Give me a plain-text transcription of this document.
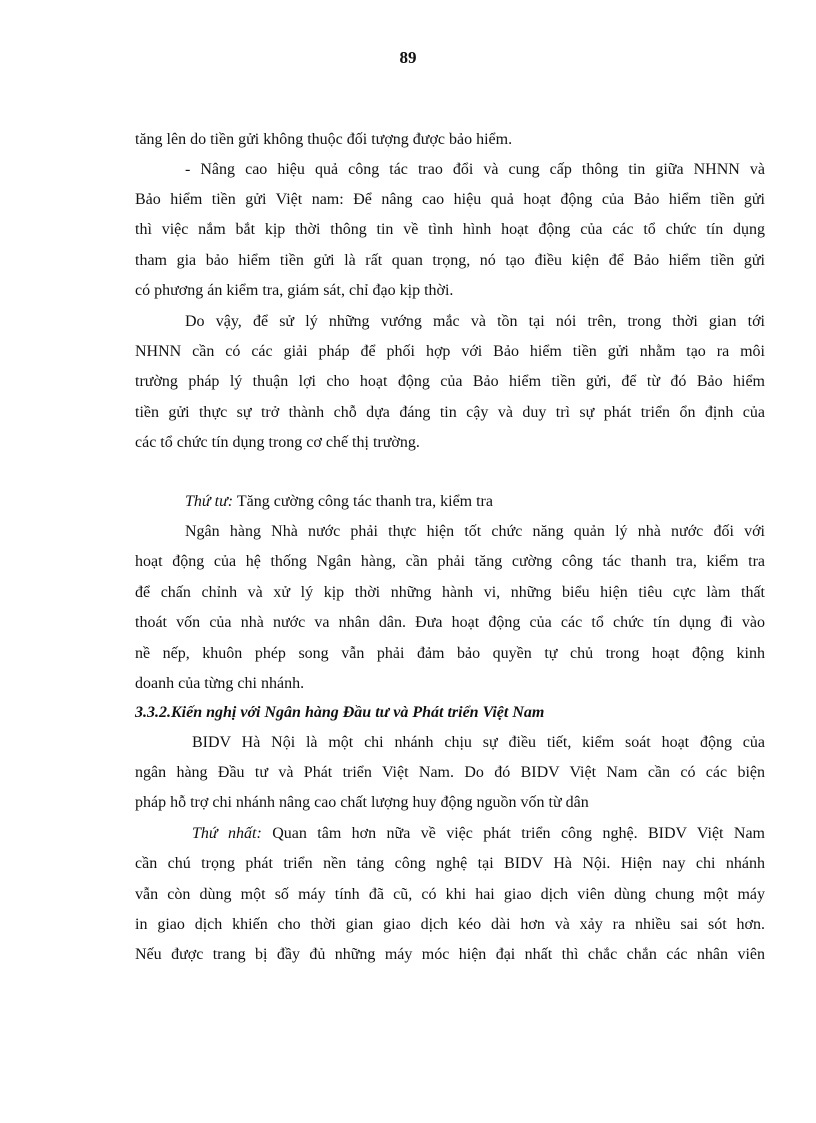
89
tăng lên do tiền gửi không thuộc đối tượng được bảo hiểm.
- Nâng cao hiệu quả công tác trao đổi và cung cấp thông tin giữa NHNN và
Bảo hiểm tiền gửi Việt nam: Để nâng cao hiệu quả hoạt động của Bảo hiểm tiền gửi
thì việc nắm bắt kịp thời thông tin về tình hình hoạt động của các tổ chức tín dụng
tham gia bảo hiểm tiền gửi là rất quan trọng, nó tạo điều kiện để Bảo hiểm tiền gửi
có phương án kiểm tra, giám sát, chỉ đạo kịp thời.
Do vậy, để sử lý những vướng mắc và tồn tại nói trên, trong thời gian tới
NHNN cần có các giải pháp để phối hợp với Bảo hiểm tiền gửi nhằm tạo ra môi
trường pháp lý thuận lợi cho hoạt động của Bảo hiểm tiền gửi, để từ đó Bảo hiểm
tiền gửi thực sự trở thành chỗ dựa đáng tin cậy và duy trì sự phát triển ổn định của
các tổ chức tín dụng trong cơ chế thị trường.
Thứ tư: Tăng cường công tác thanh tra, kiểm tra
Ngân hàng Nhà nước phải thực hiện tốt chức năng quản lý nhà nước đối với
hoạt động của hệ thống Ngân hàng, cần phải tăng cường công tác thanh tra, kiểm tra
để chấn chỉnh và xử lý kịp thời những hành vi, những biểu hiện tiêu cực làm thất
thoát vốn của nhà nước va nhân dân. Đưa hoạt động của các tổ chức tín dụng đi vào
nề nếp, khuôn phép song vẫn phải đảm bảo quyền tự chủ trong hoạt động kinh
doanh của từng chi nhánh.
3.3.2.Kiến nghị với Ngân hàng Đầu tư và Phát triển Việt Nam
BIDV Hà Nội là một chi nhánh chịu sự điều tiết, kiểm soát hoạt động của
ngân hàng Đầu tư và Phát triển Việt Nam. Do đó BIDV Việt Nam cần có các biện
pháp hỗ trợ chi nhánh nâng cao chất lượng huy động nguồn vốn từ dân
Thứ nhất: Quan tâm hơn nữa về việc phát triển công nghệ. BIDV Việt Nam
cần chú trọng phát triển nền tảng công nghệ tại BIDV Hà Nội. Hiện nay chi nhánh
vẫn còn dùng một số máy tính đã cũ, có khi hai giao dịch viên dùng chung một máy
in giao dịch khiến cho thời gian giao dịch kéo dài hơn và xảy ra nhiều sai sót hơn.
Nếu được trang bị đầy đủ những máy móc hiện đại nhất thì chắc chắn các nhân viên
